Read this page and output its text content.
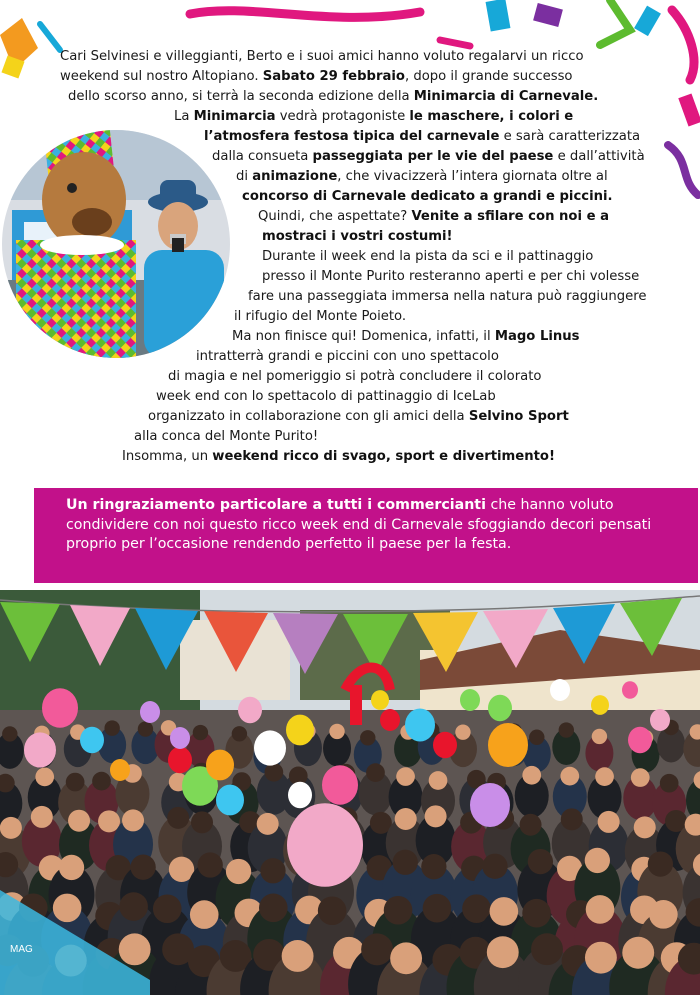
Cari Selvinesi e villeggianti, Berto e i suoi amici hanno voluto regalarvi un ricco
weekend sul nostro Altopiano. Sabato 29 febbraio, dopo il grande successo
dello scorso anno, si terrà la seconda edizione della Minimarcia di Carnevale.
La Minimarcia vedrà protagoniste le maschere, i colori e
l’atmosfera festosa tipica del carnevale e sarà caratterizzata
dalla consueta passeggiata per le vie del paese e dall’attività
di animazione, che vivacizzerà l’intera giornata oltre al
concorso di Carnevale dedicato a grandi e piccini.
Quindi, che aspettate? Venite a sfilare con noi e a
mostraci i vostri costumi!
Durante il week end la pista da sci e il pattinaggio
presso il Monte Purito resteranno aperti e per chi volesse
fare una passeggiata immersa nella natura può raggiungere
il rifugio del Monte Poieto.
Ma non finisce qui! Domenica, infatti, il Mago Linus
intratterrà grandi e piccini con uno spettacolo
di magia e nel pomeriggio si potrà concludere il colorato
week end con lo spettacolo di pattinaggio di IceLab
organizzato in collaborazione con gli amici della Selvino Sport
alla conca del Monte Purito!
Insomma, un weekend ricco di svago, sport e divertimento!

Un ringraziamento particolare a tutti i commercianti che hanno voluto condividere con noi questo ricco week end di Carnevale sfoggiando decori pensati proprio per l’occasione rendendo perfetto il paese per la festa.

MAG
